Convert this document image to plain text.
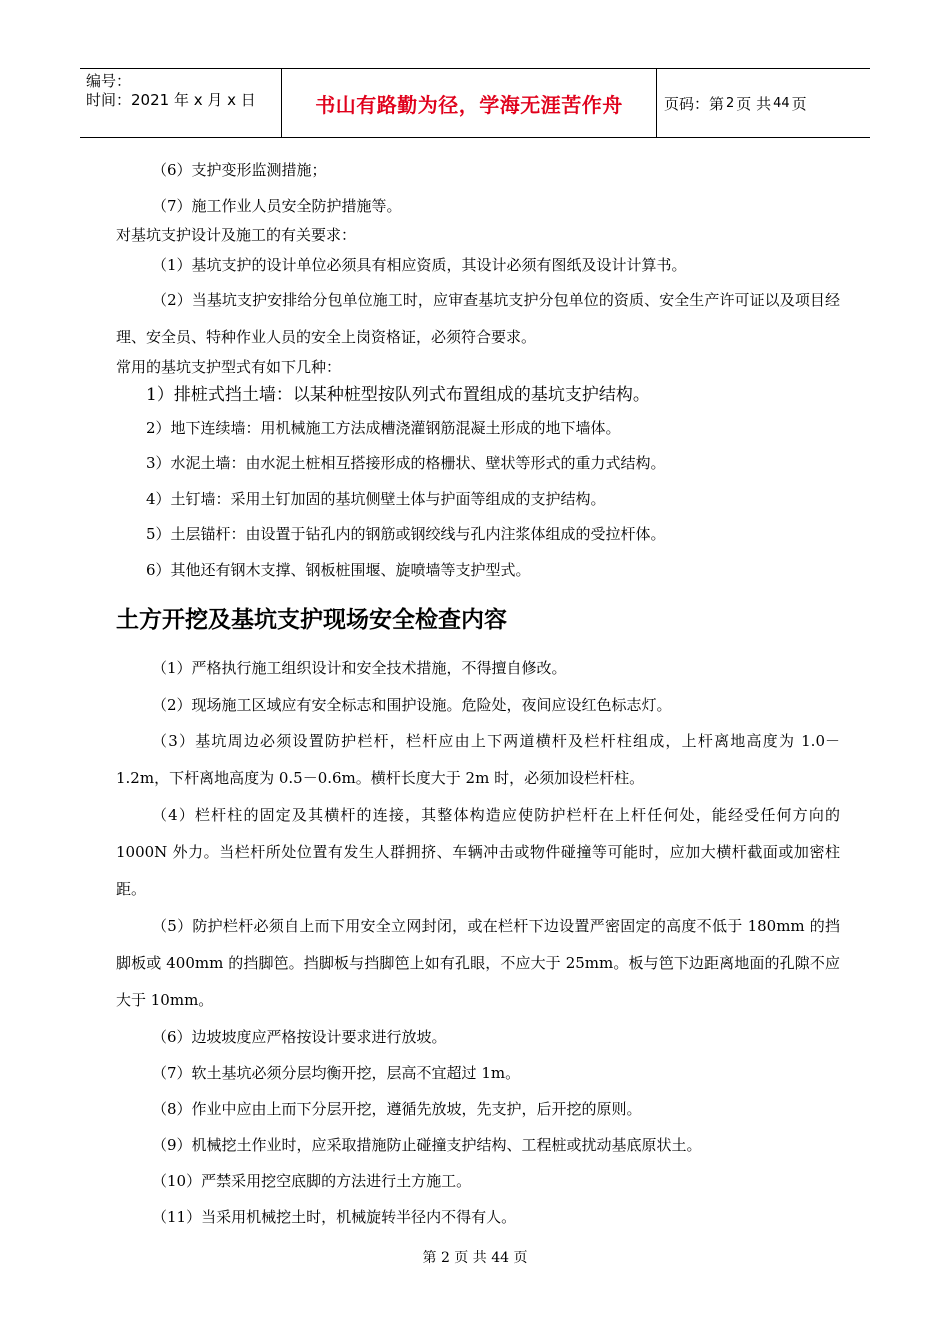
编号：
时间：2021 年 x 月 x 日	书山有路勤为径，学海无涯苦作舟	页码：第 2 页 共 44 页

（6）支护变形监测措施；

（7）施工作业人员安全防护措施等。

对基坑支护设计及施工的有关要求：

（1）基坑支护的设计单位必须具有相应资质，其设计必须有图纸及设计计算书。

（2）当基坑支护安排给分包单位施工时，应审查基坑支护分包单位的资质、安全生产许可证以及项目经理、安全员、特种作业人员的安全上岗资格证，必须符合要求。

常用的基坑支护型式有如下几种：

1）排桩式挡土墙：以某种桩型按队列式布置组成的基坑支护结构。

2）地下连续墙：用机械施工方法成槽浇灌钢筋混凝土形成的地下墙体。

3）水泥土墙：由水泥土桩相互搭接形成的格栅状、壁状等形式的重力式结构。

4）土钉墙：采用土钉加固的基坑侧壁土体与护面等组成的支护结构。

5）土层锚杆：由设置于钻孔内的钢筋或钢绞线与孔内注浆体组成的受拉杆体。

6）其他还有钢木支撑、钢板桩围堰、旋喷墙等支护型式。

土方开挖及基坑支护现场安全检查内容

（1）严格执行施工组织设计和安全技术措施，不得擅自修改。

（2）现场施工区域应有安全标志和围护设施。危险处，夜间应设红色标志灯。

（3）基坑周边必须设置防护栏杆，栏杆应由上下两道横杆及栏杆柱组成，上杆离地高度为 1.0－1.2m，下杆离地高度为 0.5－0.6m。横杆长度大于 2m 时，必须加设栏杆柱。

（4）栏杆柱的固定及其横杆的连接，其整体构造应使防护栏杆在上杆任何处，能经受任何方向的 1000N 外力。当栏杆所处位置有发生人群拥挤、车辆冲击或物件碰撞等可能时，应加大横杆截面或加密柱距。

（5）防护栏杆必须自上而下用安全立网封闭，或在栏杆下边设置严密固定的高度不低于 180mm 的挡脚板或 400mm 的挡脚笆。挡脚板与挡脚笆上如有孔眼，不应大于 25mm。板与笆下边距离地面的孔隙不应大于 10mm。

（6）边坡坡度应严格按设计要求进行放坡。

（7）软土基坑必须分层均衡开挖，层高不宜超过 1m。

（8）作业中应由上而下分层开挖，遵循先放坡，先支护，后开挖的原则。

（9）机械挖土作业时，应采取措施防止碰撞支护结构、工程桩或扰动基底原状土。

（10）严禁采用挖空底脚的方法进行土方施工。

（11）当采用机械挖土时，机械旋转半径内不得有人。

第 2 页 共 44 页
